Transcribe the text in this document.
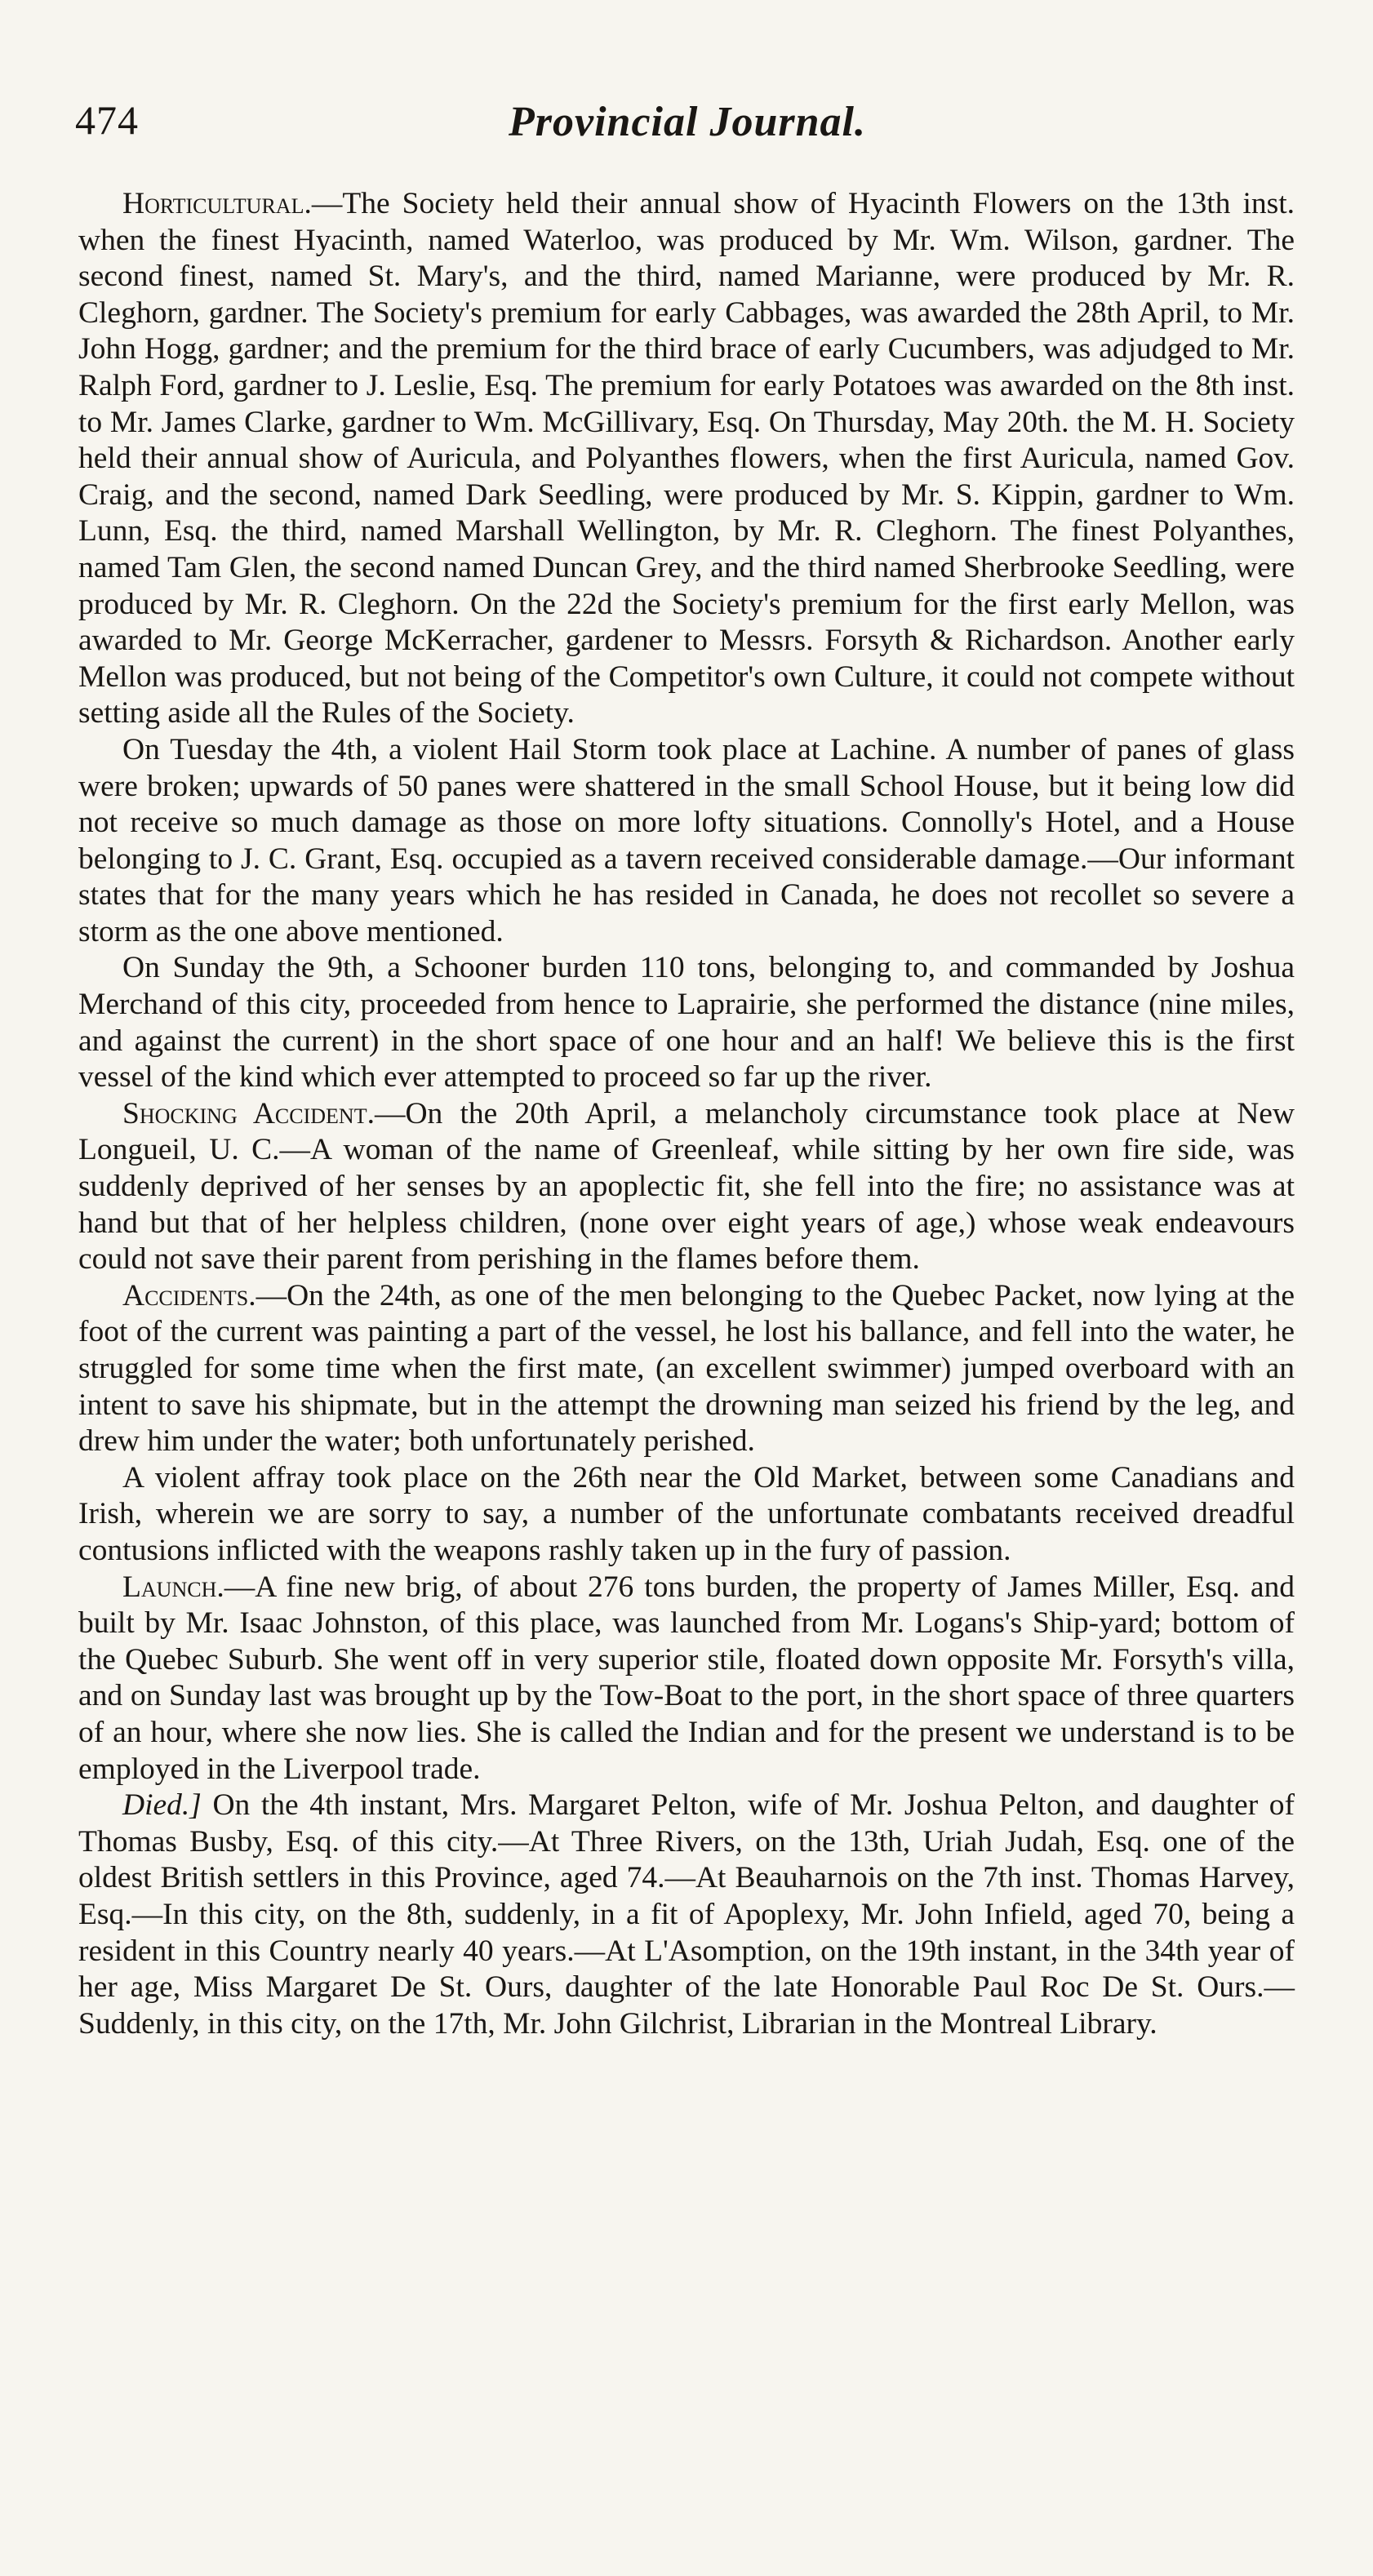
474	Provincial Journal.

Horticultural.—The Society held their annual show of Hyacinth Flowers on the 13th inst. when the finest Hyacinth, named Waterloo, was produced by Mr. Wm. Wilson, gardner. The second finest, named St. Mary's, and the third, named Marianne, were produced by Mr. R. Cleghorn, gardner. The Society's premium for early Cabbages, was awarded the 28th April, to Mr. John Hogg, gardner; and the premium for the third brace of early Cucumbers, was adjudged to Mr. Ralph Ford, gardner to J. Leslie, Esq. The premium for early Potatoes was awarded on the 8th inst. to Mr. James Clarke, gardner to Wm. McGillivary, Esq. On Thursday, May 20th. the M. H. Society held their annual show of Auricula, and Polyanthes flowers, when the first Auricula, named Gov. Craig, and the second, named Dark Seedling, were produced by Mr. S. Kippin, gardner to Wm. Lunn, Esq. the third, named Marshall Wellington, by Mr. R. Cleghorn. The finest Polyanthes, named Tam Glen, the second named Duncan Grey, and the third named Sherbrooke Seedling, were produced by Mr. R. Cleghorn. On the 22d the Society's premium for the first early Mellon, was awarded to Mr. George McKerracher, gardener to Messrs. Forsyth & Richardson. Another early Mellon was produced, but not being of the Competitor's own Culture, it could not compete without setting aside all the Rules of the Society.

On Tuesday the 4th, a violent Hail Storm took place at Lachine. A number of panes of glass were broken; upwards of 50 panes were shattered in the small School House, but it being low did not receive so much damage as those on more lofty situations. Connolly's Hotel, and a House belonging to J. C. Grant, Esq. occupied as a tavern received considerable damage.—Our informant states that for the many years which he has resided in Canada, he does not recollet so severe a storm as the one above mentioned.

On Sunday the 9th, a Schooner burden 110 tons, belonging to, and commanded by Joshua Merchand of this city, proceeded from hence to Laprairie, she performed the distance (nine miles, and against the current) in the short space of one hour and an half! We believe this is the first vessel of the kind which ever attempted to proceed so far up the river.

Shocking Accident.—On the 20th April, a melancholy circumstance took place at New Longueil, U. C.—A woman of the name of Greenleaf, while sitting by her own fire side, was suddenly deprived of her senses by an apoplectic fit, she fell into the fire; no assistance was at hand but that of her helpless children, (none over eight years of age,) whose weak endeavours could not save their parent from perishing in the flames before them.

Accidents.—On the 24th, as one of the men belonging to the Quebec Packet, now lying at the foot of the current was painting a part of the vessel, he lost his ballance, and fell into the water, he struggled for some time when the first mate, (an excellent swimmer) jumped overboard with an intent to save his shipmate, but in the attempt the drowning man seized his friend by the leg, and drew him under the water; both unfortunately perished.

A violent affray took place on the 26th near the Old Market, between some Canadians and Irish, wherein we are sorry to say, a number of the unfortunate combatants received dreadful contusions inflicted with the weapons rashly taken up in the fury of passion.

Launch.—A fine new brig, of about 276 tons burden, the property of James Miller, Esq. and built by Mr. Isaac Johnston, of this place, was launched from Mr. Logans's Ship-yard; bottom of the Quebec Suburb. She went off in very superior stile, floated down opposite Mr. Forsyth's villa, and on Sunday last was brought up by the Tow-Boat to the port, in the short space of three quarters of an hour, where she now lies. She is called the Indian and for the present we understand is to be employed in the Liverpool trade.

Died.] On the 4th instant, Mrs. Margaret Pelton, wife of Mr. Joshua Pelton, and daughter of Thomas Busby, Esq. of this city.—At Three Rivers, on the 13th, Uriah Judah, Esq. one of the oldest British settlers in this Province, aged 74.—At Beauharnois on the 7th inst. Thomas Harvey, Esq.—In this city, on the 8th, suddenly, in a fit of Apoplexy, Mr. John Infield, aged 70, being a resident in this Country nearly 40 years.—At L'Asomption, on the 19th instant, in the 34th year of her age, Miss Margaret De St. Ours, daughter of the late Honorable Paul Roc De St. Ours.—Suddenly, in this city, on the 17th, Mr. John Gilchrist, Librarian in the Montreal Library.
